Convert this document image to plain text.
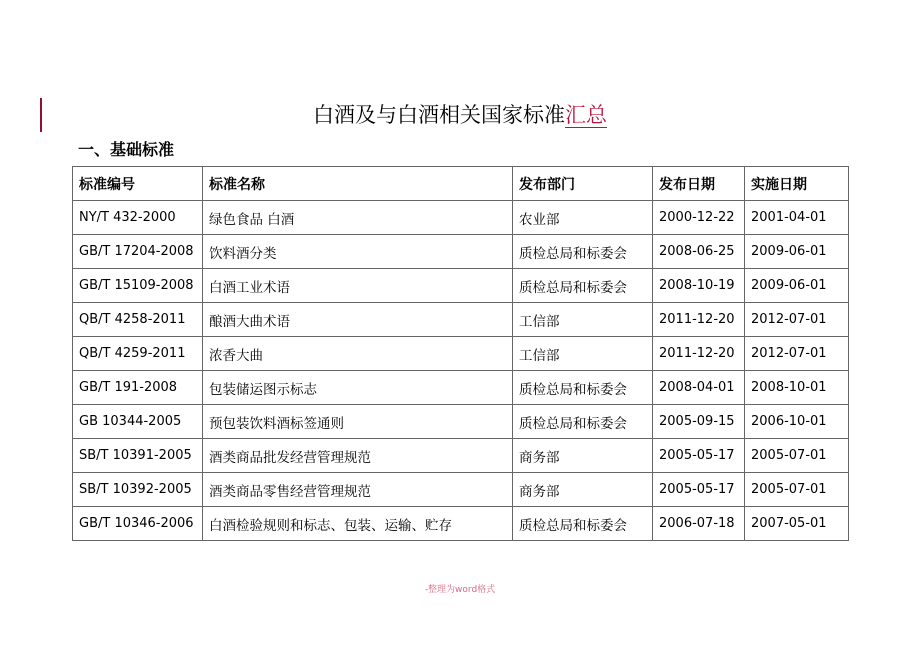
白酒及与白酒相关国家标准汇总
一、基础标准
标准编号	标准名称	发布部门	发布日期	实施日期
NY/T 432-2000	绿色食品 白酒	农业部	2000-12-22	2001-04-01
GB/T 17204-2008	饮料酒分类	质检总局和标委会	2008-06-25	2009-06-01
GB/T 15109-2008	白酒工业术语	质检总局和标委会	2008-10-19	2009-06-01
QB/T 4258-2011	酿酒大曲术语	工信部	2011-12-20	2012-07-01
QB/T 4259-2011	浓香大曲	工信部	2011-12-20	2012-07-01
GB/T 191-2008	包装储运图示标志	质检总局和标委会	2008-04-01	2008-10-01
GB 10344-2005	预包装饮料酒标签通则	质检总局和标委会	2005-09-15	2006-10-01
SB/T 10391-2005	酒类商品批发经营管理规范	商务部	2005-05-17	2005-07-01
SB/T 10392-2005	酒类商品零售经营管理规范	商务部	2005-05-17	2005-07-01
GB/T 10346-2006	白酒检验规则和标志、包装、运输、贮存	质检总局和标委会	2006-07-18	2007-05-01
-整理为word格式
